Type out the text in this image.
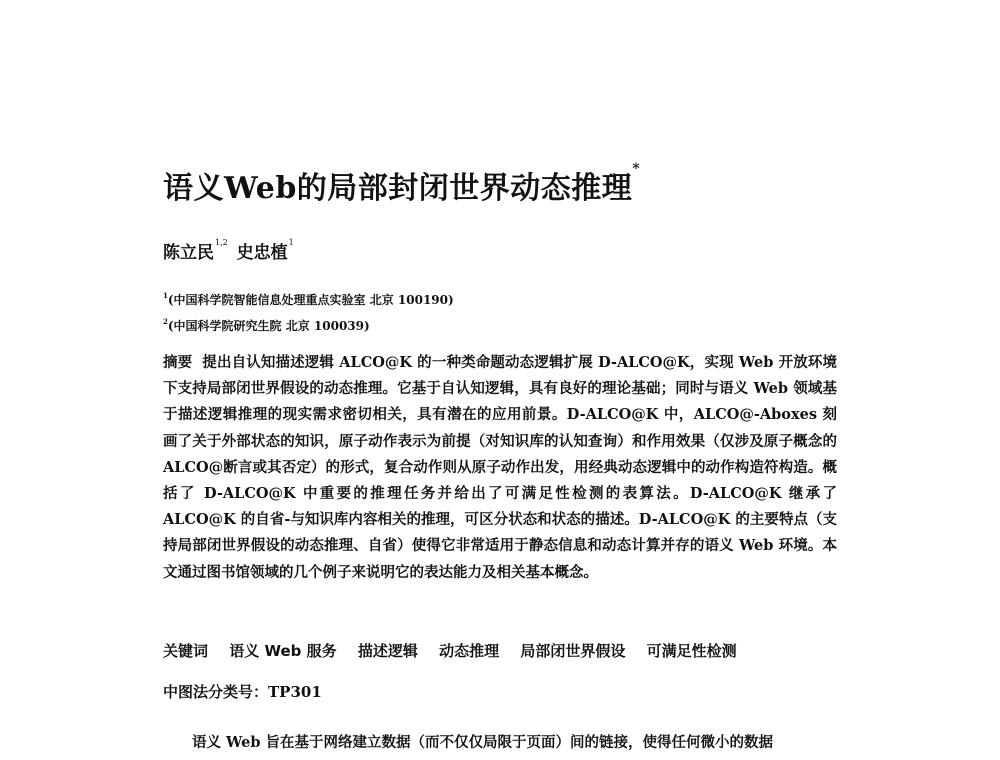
语义Web的局部封闭世界动态推理*
陈立民$^{1,2}$ 史忠植$^1$
$^1$(中国科学院智能信息处理重点实验室 北京 100190)
$^2$(中国科学院研究生院 北京 100039)
摘要 提出自认知描述逻辑 ALCO@K 的一种类命题动态逻辑扩展 D-ALCO@K，实现 Web 开放环境下支持局部闭世界假设的动态推理。它基于自认知逻辑，具有良好的理论基础；同时与语义 Web 领域基于描述逻辑推理的现实需求密切相关，具有潜在的应用前景。D-ALCO@K 中，ALCO@-Aboxes 刻画了关于外部状态的知识，原子动作表示为前提（对知识库的认知查询）和作用效果（仅涉及原子概念的 ALCO@断言或其否定）的形式，复合动作则从原子动作出发，用经典动态逻辑中的动作构造符构造。概括了 D-ALCO@K 中重要的推理任务并给出了可满足性检测的表算法。D-ALCO@K 继承了 ALCO@K 的自省-与知识库内容相关的推理，可区分状态和状态的描述。D-ALCO@K 的主要特点（支持局部闭世界假设的动态推理、自省）使得它非常适用于静态信息和动态计算并存的语义 Web 环境。本文通过图书馆领域的几个例子来说明它的表达能力及相关基本概念。
关键词 语义 Web 服务 描述逻辑 动态推理 局部闭世界假设 可满足性检测
中图法分类号：TP301
语义 Web 旨在基于网络建立数据（而不仅仅局限于页面）间的链接，使得任何微小的数据
